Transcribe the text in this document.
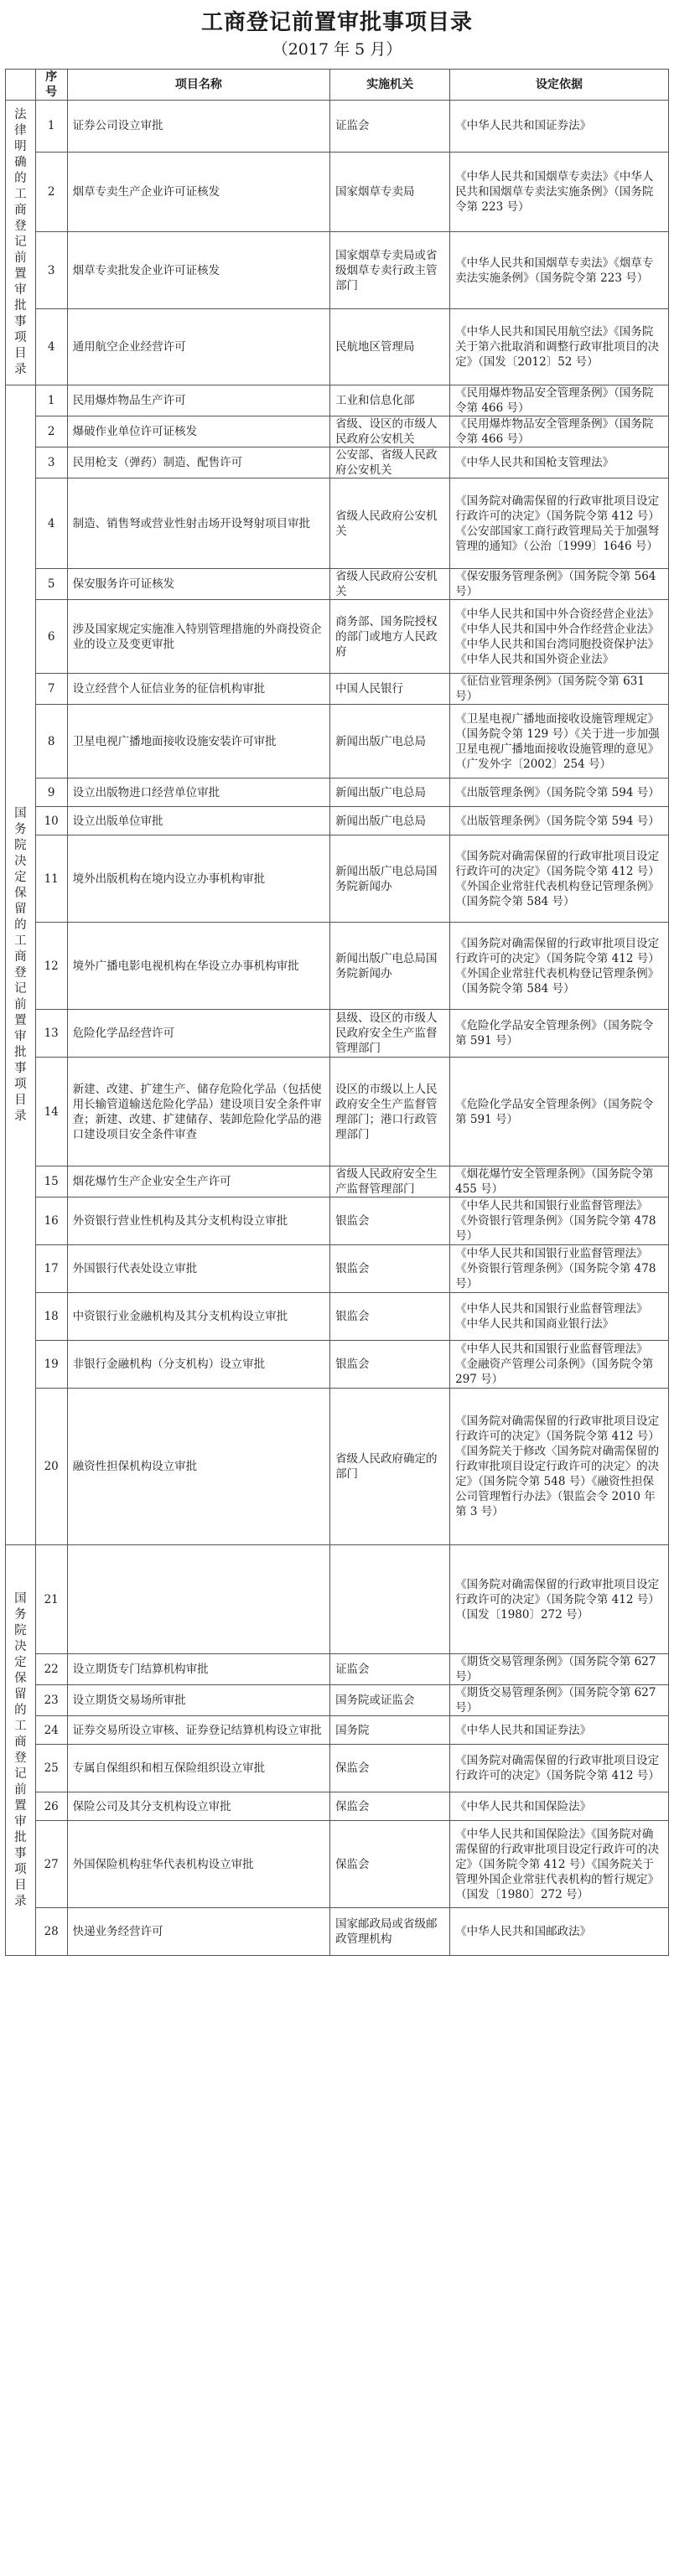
工商登记前置审批事项目录
（2017 年 5 月）
	序号	项目名称	实施机关	设定依据
法律明确的工商登记前置审批事项目录	1	证券公司设立审批	证监会	《中华人民共和国证券法》
	2	烟草专卖生产企业许可证核发	国家烟草专卖局	《中华人民共和国烟草专卖法》《中华人民共和国烟草专卖法实施条例》（国务院令第 223 号）
	3	烟草专卖批发企业许可证核发	国家烟草专卖局或省级烟草专卖行政主管部门	《中华人民共和国烟草专卖法》《烟草专卖法实施条例》（国务院令第 223 号）
	4	通用航空企业经营许可	民航地区管理局	《中华人民共和国民用航空法》《国务院关于第六批取消和调整行政审批项目的决定》（国发〔2012〕52 号）
国务院决定保留的工商登记前置审批事项目录	1	民用爆炸物品生产许可	工业和信息化部	《民用爆炸物品安全管理条例》（国务院令第 466 号）
	2	爆破作业单位许可证核发	省级、设区的市级人民政府公安机关	《民用爆炸物品安全管理条例》（国务院令第 466 号）
	3	民用枪支（弹药）制造、配售许可	公安部、省级人民政府公安机关	《中华人民共和国枪支管理法》
	4	制造、销售弩或营业性射击场开设弩射项目审批	省级人民政府公安机关	《国务院对确需保留的行政审批项目设定行政许可的决定》（国务院令第 412 号）《公安部国家工商行政管理局关于加强弩管理的通知》（公治〔1999〕1646 号）
	5	保安服务许可证核发	省级人民政府公安机关	《保安服务管理条例》（国务院令第 564 号）
	6	涉及国家规定实施准入特别管理措施的外商投资企业的设立及变更审批	商务部、国务院授权的部门或地方人民政府	《中华人民共和国中外合资经营企业法》《中华人民共和国中外合作经营企业法》《中华人民共和国台湾同胞投资保护法》《中华人民共和国外资企业法》
	7	设立经营个人征信业务的征信机构审批	中国人民银行	《征信业管理条例》（国务院令第 631 号）
	8	卫星电视广播地面接收设施安装许可审批	新闻出版广电总局	《卫星电视广播地面接收设施管理规定》（国务院令第 129 号）《关于进一步加强卫星电视广播地面接收设施管理的意见》（广发外字〔2002〕254 号）
	9	设立出版物进口经营单位审批	新闻出版广电总局	《出版管理条例》（国务院令第 594 号）
	10	设立出版单位审批	新闻出版广电总局	《出版管理条例》（国务院令第 594 号）
	11	境外出版机构在境内设立办事机构审批	新闻出版广电总局国务院新闻办	《国务院对确需保留的行政审批项目设定行政许可的决定》（国务院令第 412 号）《外国企业常驻代表机构登记管理条例》（国务院令第 584 号）
	12	境外广播电影电视机构在华设立办事机构审批	新闻出版广电总局国务院新闻办	《国务院对确需保留的行政审批项目设定行政许可的决定》（国务院令第 412 号）《外国企业常驻代表机构登记管理条例》（国务院令第 584 号）
	13	危险化学品经营许可	县级、设区的市级人民政府安全生产监督管理部门	《危险化学品安全管理条例》（国务院令第 591 号）
	14	新建、改建、扩建生产、储存危险化学品（包括使用长输管道输送危险化学品）建设项目安全条件审查；新建、改建、扩建储存、装卸危险化学品的港口建设项目安全条件审查	设区的市级以上人民政府安全生产监督管理部门；港口行政管理部门	《危险化学品安全管理条例》（国务院令第 591 号）
	15	烟花爆竹生产企业安全生产许可	省级人民政府安全生产监督管理部门	《烟花爆竹安全管理条例》（国务院令第 455 号）
	16	外资银行营业性机构及其分支机构设立审批	银监会	《中华人民共和国银行业监督管理法》《外资银行管理条例》（国务院令第 478 号）
	17	外国银行代表处设立审批	银监会	《中华人民共和国银行业监督管理法》《外资银行管理条例》（国务院令第 478 号）
	18	中资银行业金融机构及其分支机构设立审批	银监会	《中华人民共和国银行业监督管理法》《中华人民共和国商业银行法》
	19	非银行金融机构（分支机构）设立审批	银监会	《中华人民共和国银行业监督管理法》《金融资产管理公司条例》（国务院令第 297 号）
	20	融资性担保机构设立审批	省级人民政府确定的部门	《国务院对确需保留的行政审批项目设定行政许可的决定》（国务院令第 412 号）《国务院关于修改〈国务院对确需保留的行政审批项目设定行政许可的决定〉的决定》（国务院令第 548 号）《融资性担保公司管理暂行办法》（银监会令 2010 年第 3 号）
国务院决定保留的工商登记前置审批事项目录	21			《国务院对确需保留的行政审批项目设定行政许可的决定》（国务院令第 412 号）（国发〔1980〕272 号）
	22	设立期货专门结算机构审批	证监会	《期货交易管理条例》（国务院令第 627 号）
	23	设立期货交易场所审批	国务院或证监会	《期货交易管理条例》（国务院令第 627 号）
	24	证券交易所设立审核、证券登记结算机构设立审批	国务院	《中华人民共和国证券法》
	25	专属自保组织和相互保险组织设立审批	保监会	《国务院对确需保留的行政审批项目设定行政许可的决定》（国务院令第 412 号）
	26	保险公司及其分支机构设立审批	保监会	《中华人民共和国保险法》
	27	外国保险机构驻华代表机构设立审批	保监会	《中华人民共和国保险法》《国务院对确需保留的行政审批项目设定行政许可的决定》（国务院令第 412 号）《国务院关于管理外国企业常驻代表机构的暂行规定》（国发〔1980〕272 号）
	28	快递业务经营许可	国家邮政局或省级邮政管理机构	《中华人民共和国邮政法》
